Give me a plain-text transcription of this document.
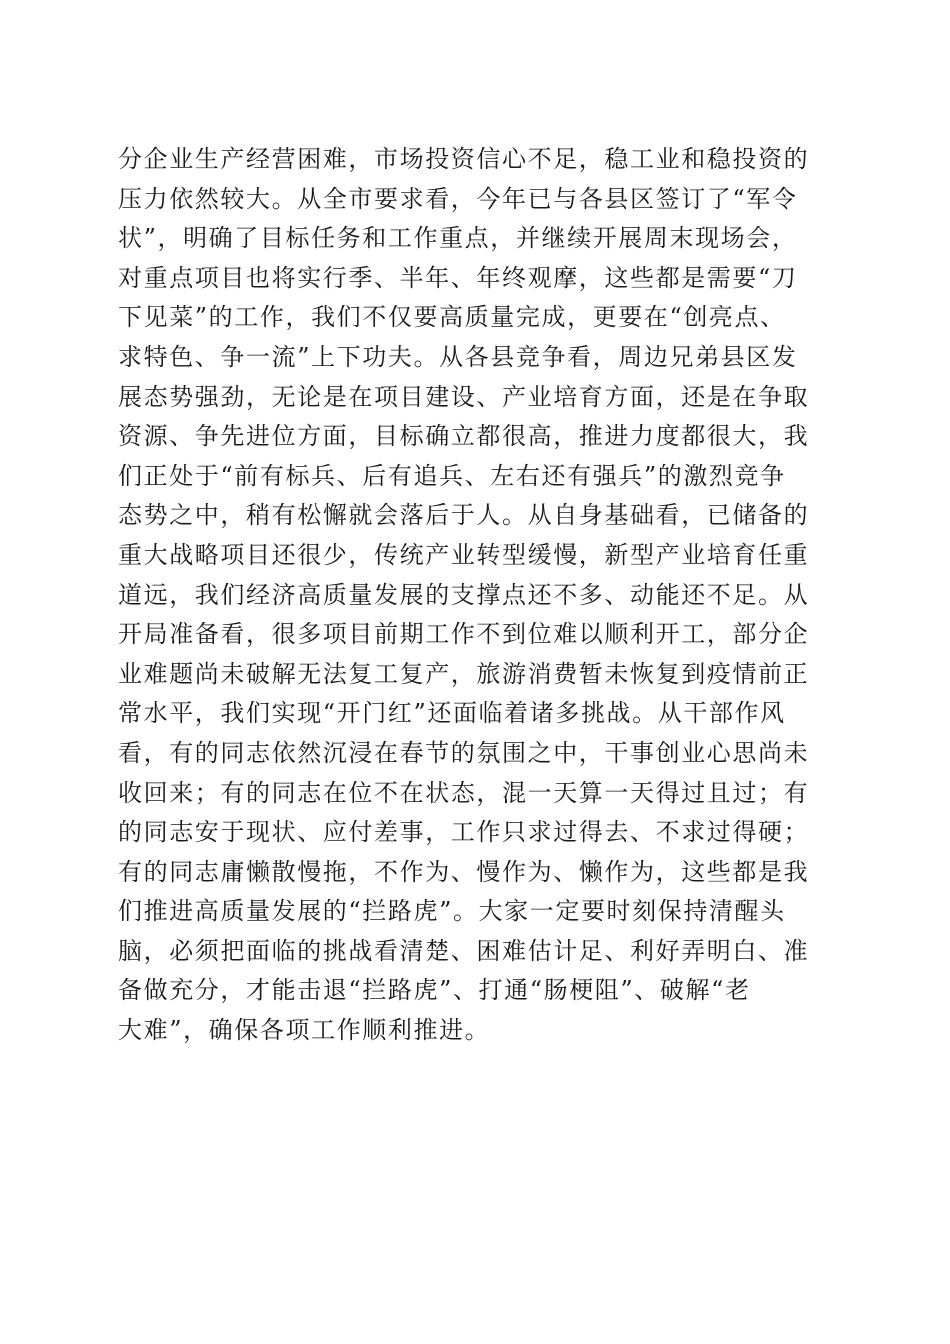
分企业生产经营困难，市场投资信心不足，稳工业和稳投资的
压力依然较大。从全市要求看，今年已与各县区签订了“军令
状”，明确了目标任务和工作重点，并继续开展周末现场会，
对重点项目也将实行季、半年、年终观摩，这些都是需要“刀
下见菜”的工作，我们不仅要高质量完成，更要在“创亮点、
求特色、争一流”上下功夫。从各县竞争看，周边兄弟县区发
展态势强劲，无论是在项目建设、产业培育方面，还是在争取
资源、争先进位方面，目标确立都很高，推进力度都很大，我
们正处于“前有标兵、后有追兵、左右还有强兵”的激烈竞争
态势之中，稍有松懈就会落后于人。从自身基础看，已储备的
重大战略项目还很少，传统产业转型缓慢，新型产业培育任重
道远，我们经济高质量发展的支撑点还不多、动能还不足。从
开局准备看，很多项目前期工作不到位难以顺利开工，部分企
业难题尚未破解无法复工复产，旅游消费暂未恢复到疫情前正
常水平，我们实现“开门红”还面临着诸多挑战。从干部作风
看，有的同志依然沉浸在春节的氛围之中，干事创业心思尚未
收回来；有的同志在位不在状态，混一天算一天得过且过；有
的同志安于现状、应付差事，工作只求过得去、不求过得硬；
有的同志庸懒散慢拖，不作为、慢作为、懒作为，这些都是我
们推进高质量发展的“拦路虎”。大家一定要时刻保持清醒头
脑，必须把面临的挑战看清楚、困难估计足、利好弄明白、准
备做充分，才能击退“拦路虎”、打通“肠梗阻”、破解“老
大难”，确保各项工作顺利推进。
